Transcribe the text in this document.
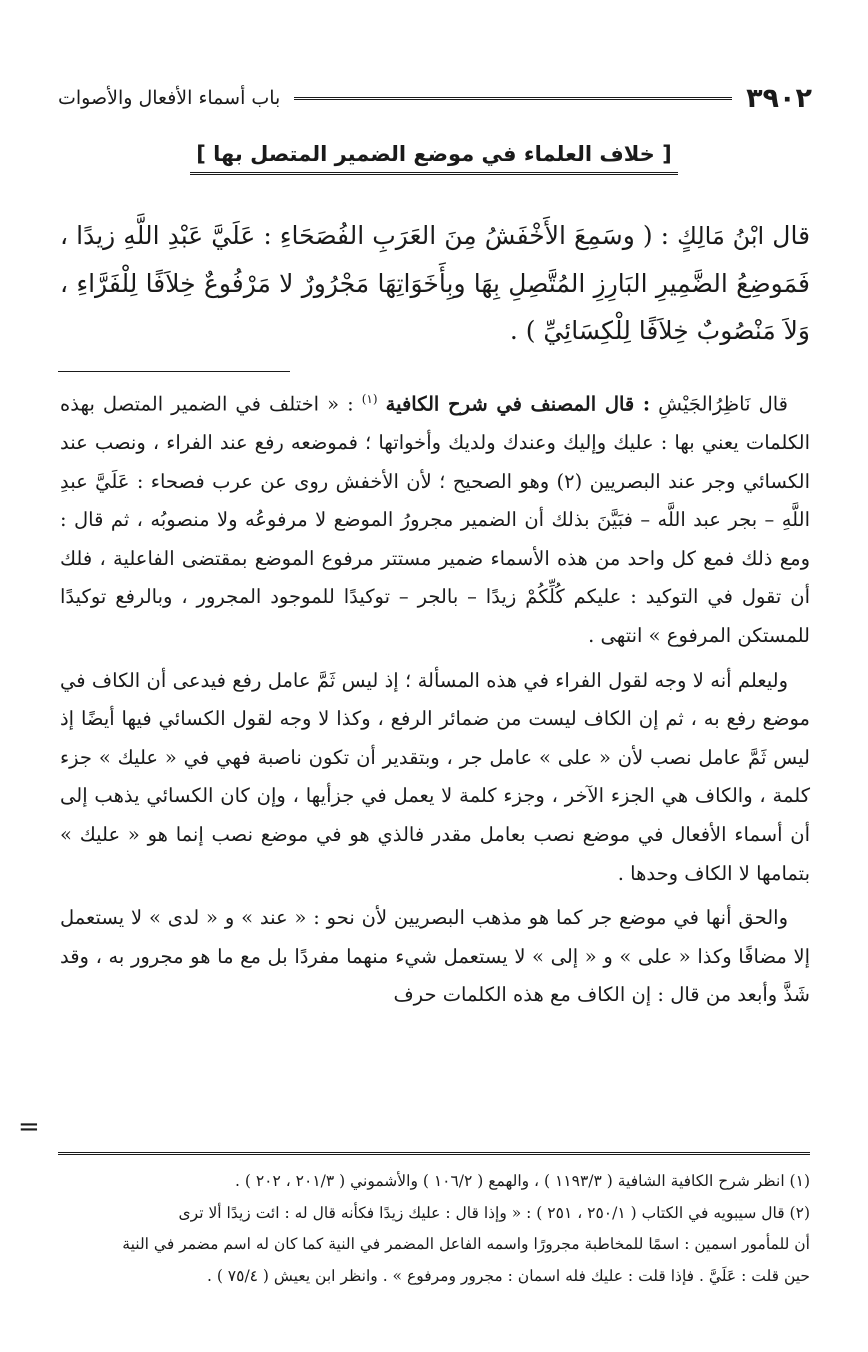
٣٩٠٢
باب أسماء الأفعال والأصوات
[ خلاف العلماء في موضع الضمير المتصل بها ]
قال ابْنُ مَالِكٍ : ( وسَمِعَ الأَخْفَشُ مِنَ العَرَبِ الفُصَحَاءِ : عَلَيَّ عَبْدِ اللَّهِ زيدًا ، فَمَوضِعُ الضَّمِيرِ البَارِزِ المُتَّصِلِ بِهَا وبِأَخَوَاتِهَا مَجْرُورٌ لا مَرْفُوعٌ خِلاَفًا لِلْفَرَّاءِ ، وَلاَ مَنْصُوبٌ خِلاَفًا لِلْكِسَائِيِّ ) .

قال نَاظِرُالجَيْشِ : قال المصنف في شرح الكافية $^{(١)}$ : « اختلف في الضمير المتصل بهذه الكلمات يعني بها : عليك وإليك وعندك ولديك وأخواتها ؛ فموضعه رفع عند الفراء ، ونصب عند الكسائي وجر عند البصريين (٢) وهو الصحيح ؛ لأن الأخفش روى عن عرب فصحاء : عَلَيَّ عبدِ اللَّهِ – بجر عبد اللَّه – فبَيَّنَ بذلك أن الضمير مجرورُ الموضع لا مرفوعُه ولا منصوبُه ، ثم قال : ومع ذلك فمع كل واحد من هذه الأسماء ضمير مستتر مرفوع الموضع بمقتضى الفاعلية ، فلك أن تقول في التوكيد : عليكم كُلِّكُمْ زيدًا – بالجر – توكيدًا للموجود المجرور ، وبالرفع توكيدًا للمستكن المرفوع » انتهى .

وليعلم أنه لا وجه لقول الفراء في هذه المسألة ؛ إذ ليس ثَمَّ عامل رفع فيدعى أن الكاف في موضع رفع به ، ثم إن الكاف ليست من ضمائر الرفع ، وكذا لا وجه لقول الكسائي فيها أيضًا إذ ليس ثَمَّ عامل نصب لأن « على » عامل جر ، وبتقدير أن تكون ناصبة فهي في « عليك » جزء كلمة ، والكاف هي الجزء الآخر ، وجزء كلمة لا يعمل في جزأيها ، وإن كان الكسائي يذهب إلى أن أسماء الأفعال في موضع نصب بعامل مقدر فالذي هو في موضع نصب إنما هو « عليك » بتمامها لا الكاف وحدها .

والحق أنها في موضع جر كما هو مذهب البصريين لأن نحو : « عند » و « لدى » لا يستعمل إلا مضافًا وكذا « على » و « إلى » لا يستعمل شيء منهما مفردًا بل مع ما هو مجرور به ، وقد شَذَّ وأبعد من قال : إن الكاف مع هذه الكلمات حرف

=

(١) انظر شرح الكافية الشافية ( ١١٩٣/٣ ) ، والهمع ( ١٠٦/٢ ) والأشموني ( ٢٠١/٣ ، ٢٠٢ ) .

(٢) قال سيبويه في الكتاب ( ٢٥٠/١ ، ٢٥١ ) : « وإذا قال : عليك زيدًا فكأنه قال له : ائت زيدًا ألا ترى

أن للمأمور اسمين : اسمًا للمخاطبة مجرورًا واسمه الفاعل المضمر في النية كما كان له اسم مضمر في النية

حين قلت : عَلَيَّ . فإذا قلت : عليك فله اسمان : مجرور ومرفوع » . وانظر ابن يعيش ( ٧٥/٤ ) .
